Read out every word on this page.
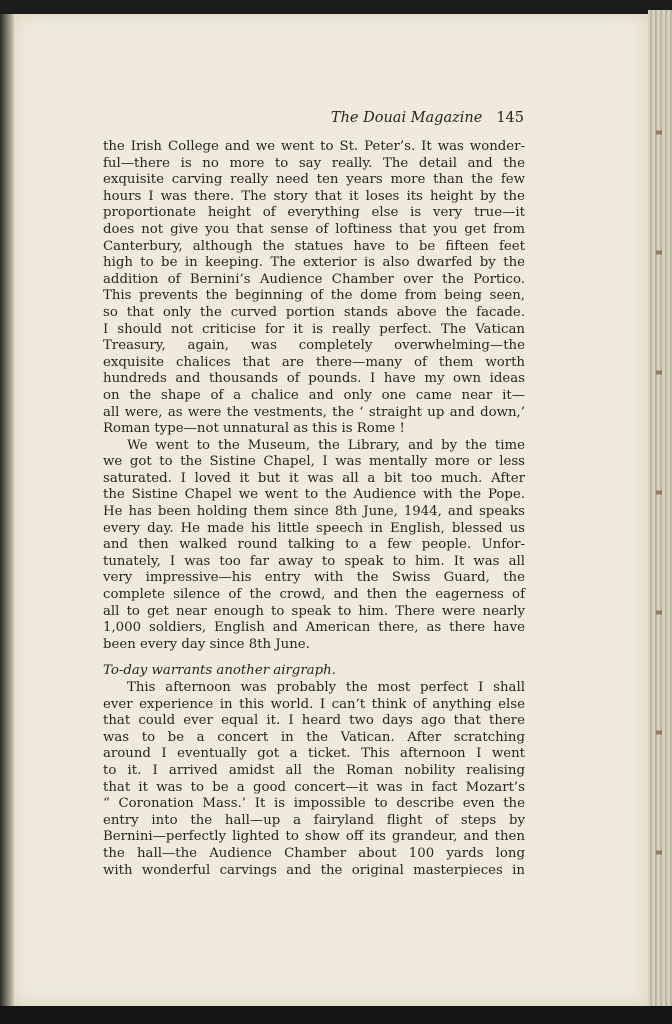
The Douai Magazine 145
the Irish College and we went to St. Peter’s. It was wonder-
ful—there is no more to say really. The detail and the
exquisite carving really need ten years more than the few
hours I was there. The story that it loses its height by the
proportionate height of everything else is very true—it
does not give you that sense of loftiness that you get from
Canterbury, although the statues have to be fifteen feet
high to be in keeping. The exterior is also dwarfed by the
addition of Bernini’s Audience Chamber over the Portico.
This prevents the beginning of the dome from being seen,
so that only the curved portion stands above the facade.
I should not criticise for it is really perfect. The Vatican
Treasury, again, was completely overwhelming—the
exquisite chalices that are there—many of them worth
hundreds and thousands of pounds. I have my own ideas
on the shape of a chalice and only one came near it—
all were, as were the vestments, the ‘ straight up and down,’
Roman type—not unnatural as this is Rome !
We went to the Museum, the Library, and by the time
we got to the Sistine Chapel, I was mentally more or less
saturated. I loved it but it was all a bit too much. After
the Sistine Chapel we went to the Audience with the Pope.
He has been holding them since 8th June, 1944, and speaks
every day. He made his little speech in English, blessed us
and then walked round talking to a few people. Unfor-
tunately, I was too far away to speak to him. It was all
very impressive—his entry with the Swiss Guard, the
complete silence of the crowd, and then the eagerness of
all to get near enough to speak to him. There were nearly
1,000 soldiers, English and American there, as there have
been every day since 8th June.
To-day warrants another airgraph.
This afternoon was probably the most perfect I shall
ever experience in this world. I can’t think of anything else
that could ever equal it. I heard two days ago that there
was to be a concert in the Vatican. After scratching
around I eventually got a ticket. This afternoon I went
to it. I arrived amidst all the Roman nobility realising
that it was to be a good concert—it was in fact Mozart’s
“ Coronation Mass.’ It is impossible to describe even the
entry into the hall—up a fairyland flight of steps by
Bernini—perfectly lighted to show off its grandeur, and then
the hall—the Audience Chamber about 100 yards long
with wonderful carvings and the original masterpieces in
